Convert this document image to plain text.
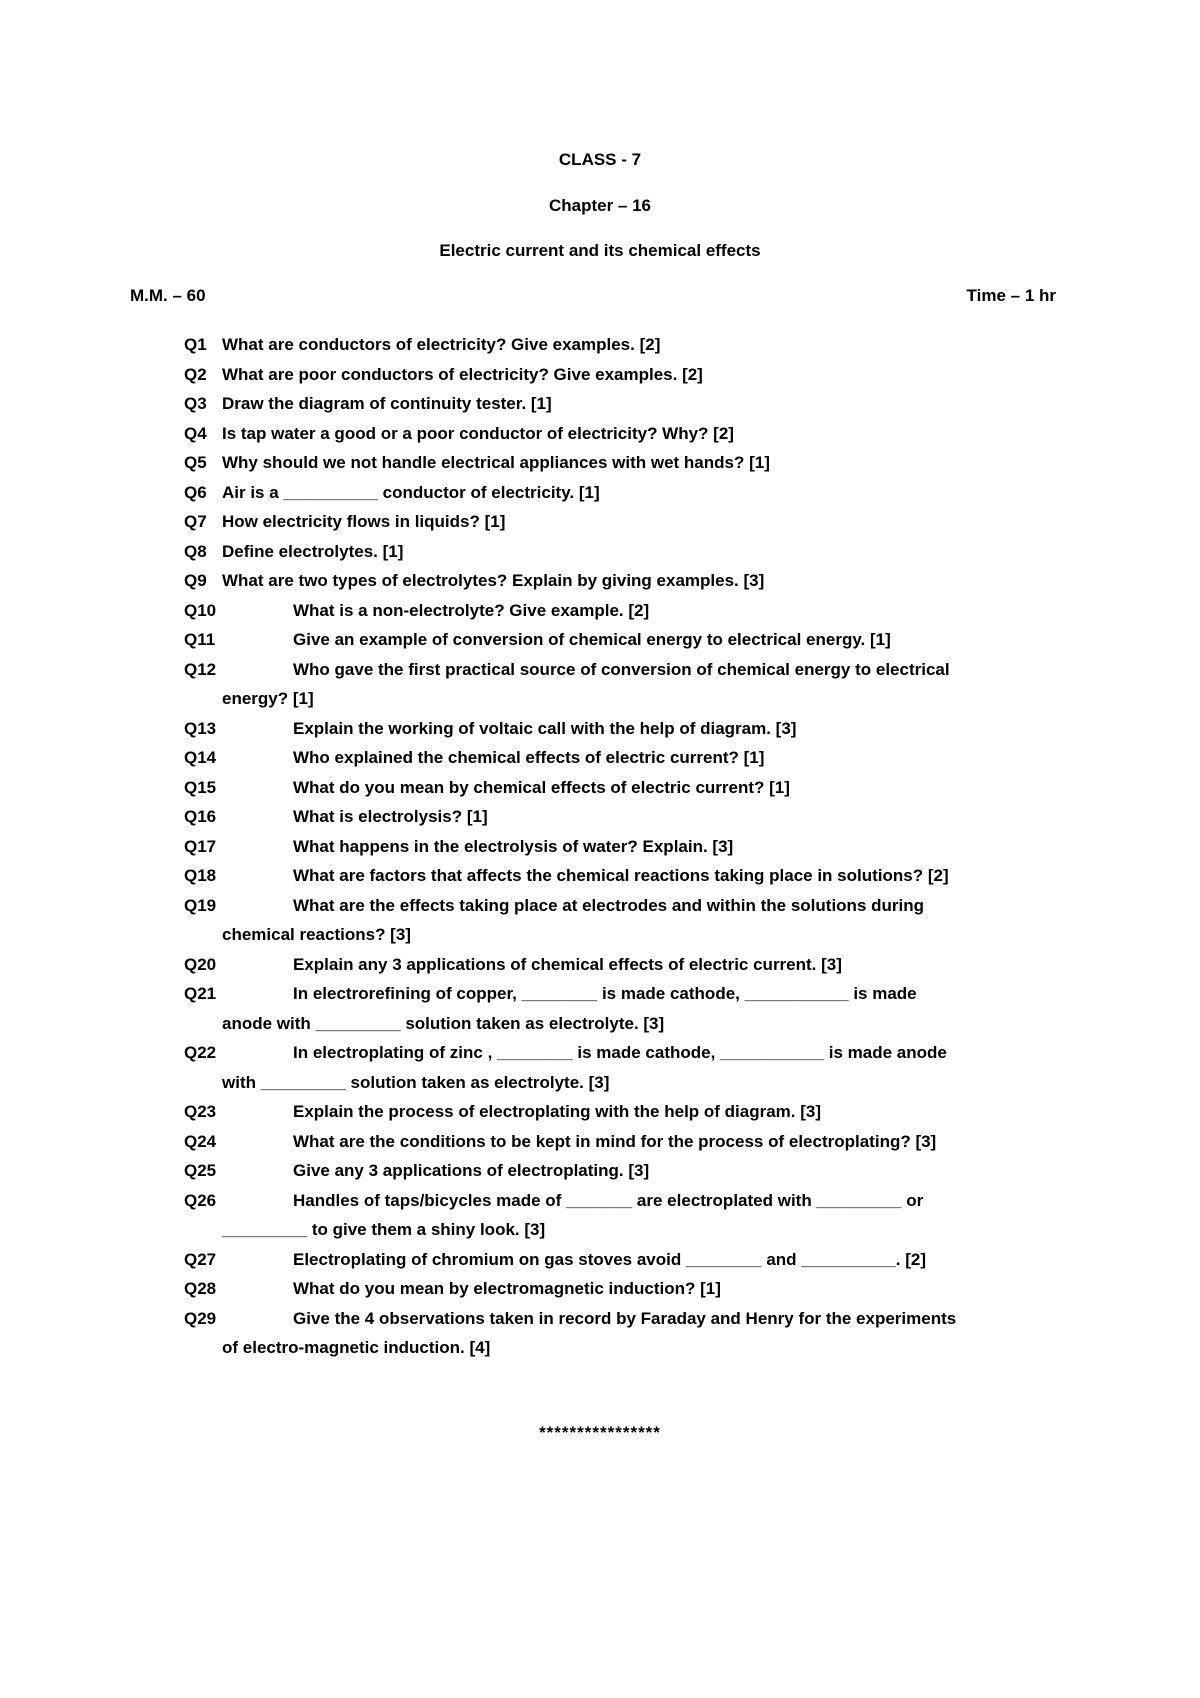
CLASS - 7
Chapter – 16
Electric current and its chemical effects
M.M. – 60	Time – 1 hr
Q1 What are conductors of electricity? Give examples. [2]
Q2 What are poor conductors of electricity? Give examples. [2]
Q3 Draw the diagram of continuity tester. [1]
Q4 Is tap water a good or a poor conductor of electricity? Why? [2]
Q5 Why should we not handle electrical appliances with wet hands? [1]
Q6 Air is a __________ conductor of electricity. [1]
Q7 How electricity flows in liquids? [1]
Q8 Define electrolytes. [1]
Q9 What are two types of electrolytes? Explain by giving examples. [3]
Q10	What is a non-electrolyte? Give example. [2]
Q11	Give an example of conversion of chemical energy to electrical energy. [1]
Q12	Who gave the first practical source of conversion of chemical energy to electrical
energy? [1]
Q13	Explain the working of voltaic call with the help of diagram. [3]
Q14	Who explained the chemical effects of electric current? [1]
Q15	What do you mean by chemical effects of electric current? [1]
Q16	What is electrolysis? [1]
Q17	What happens in the electrolysis of water? Explain. [3]
Q18	What are factors that affects the chemical reactions taking place in solutions? [2]
Q19	What are the effects taking place at electrodes and within the solutions during
chemical reactions? [3]
Q20	Explain any 3 applications of chemical effects of electric current. [3]
Q21	In electrorefining of copper, ________ is made cathode, ___________ is made
anode with _________ solution taken as electrolyte. [3]
Q22	In electroplating of zinc , ________ is made cathode, ___________ is made anode
with _________ solution taken as electrolyte. [3]
Q23	Explain the process of electroplating with the help of diagram. [3]
Q24	What are the conditions to be kept in mind for the process of electroplating? [3]
Q25	Give any 3 applications of electroplating. [3]
Q26	Handles of taps/bicycles made of _______ are electroplated with _________ or
_________ to give them a shiny look. [3]
Q27	Electroplating of chromium on gas stoves avoid ________ and __________. [2]
Q28	What do you mean by electromagnetic induction? [1]
Q29	Give the 4 observations taken in record by Faraday and Henry for the experiments
of electro-magnetic induction. [4]
****************
